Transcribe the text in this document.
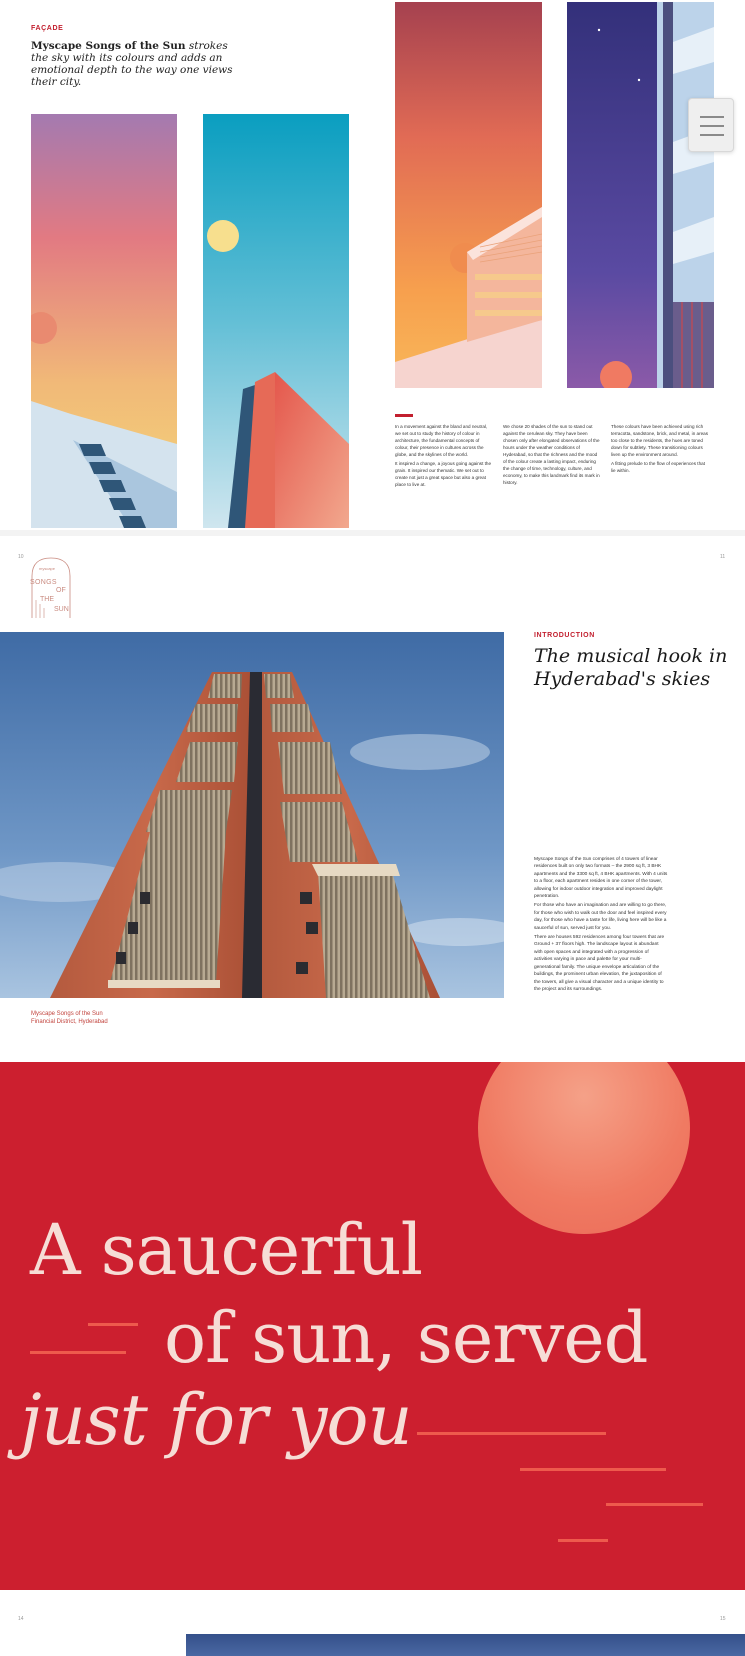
FAÇADE
Myscape Songs of the Sun strokes the sky with its colours and adds an emotional depth to the way one views their city.

In a movement against the bland and neutral, we set out to study the history of colour in architecture, the fundamental concepts of colour, their presence in cultures across the globe, and the skylines of the world.

It inspired a change, a joyous going against the grain. It inspired our thematic. We set out to create not just a great space but also a great place to live at.

We chose 20 shades of the sun to stand out against the cerulean sky. They have been chosen only after elongated observations of the hours under the weather conditions of Hyderabad, so that the richness and the mood of the colour create a lasting impact, enduring the change of time, technology, culture, and economy, to make this landmark find its mark in history.

These colours have been achieved using rich terracotta, sandstone, brick, and metal, in areas too close to the residents, the hues are toned down for subtlety. These transitioning colours liven up the environment around.

A fitting prelude to the flow of experiences that lie within.

10	11
myscape
SONGS
OF
THE
SUN
Myscape Songs of the Sun
Financial District, Hyderabad
INTRODUCTION
The musical hook in
Hyderabad's skies

Myscape Songs of the Sun comprises of 4 towers of linear residences built on only two formats – the 2900 sq ft, 3 BHK apartments and the 3300 sq ft, 4 BHK apartments. With 4 units to a floor, each apartment resides in one corner of the tower, allowing for indoor outdoor integration and improved daylight penetration.

For those who have an imagination and are willing to go there, for those who wish to walk out the door and feel inspired every day, for those who have a taste for life, living here will be like a saucerful of sun, served just for you.

There are houses 592 residences among four towers that are Ground + 37 floors high. The landscape layout is abundant with open spaces and integrated with a progression of activities varying in pace and palette for your multi-generational family. The unique envelope articulation of the buildings, the prominent urban elevation, the juxtaposition of the towers, all give a visual character and a unique identity to the project and its surroundings.

A saucerful
of sun, served
just for you
14	15
